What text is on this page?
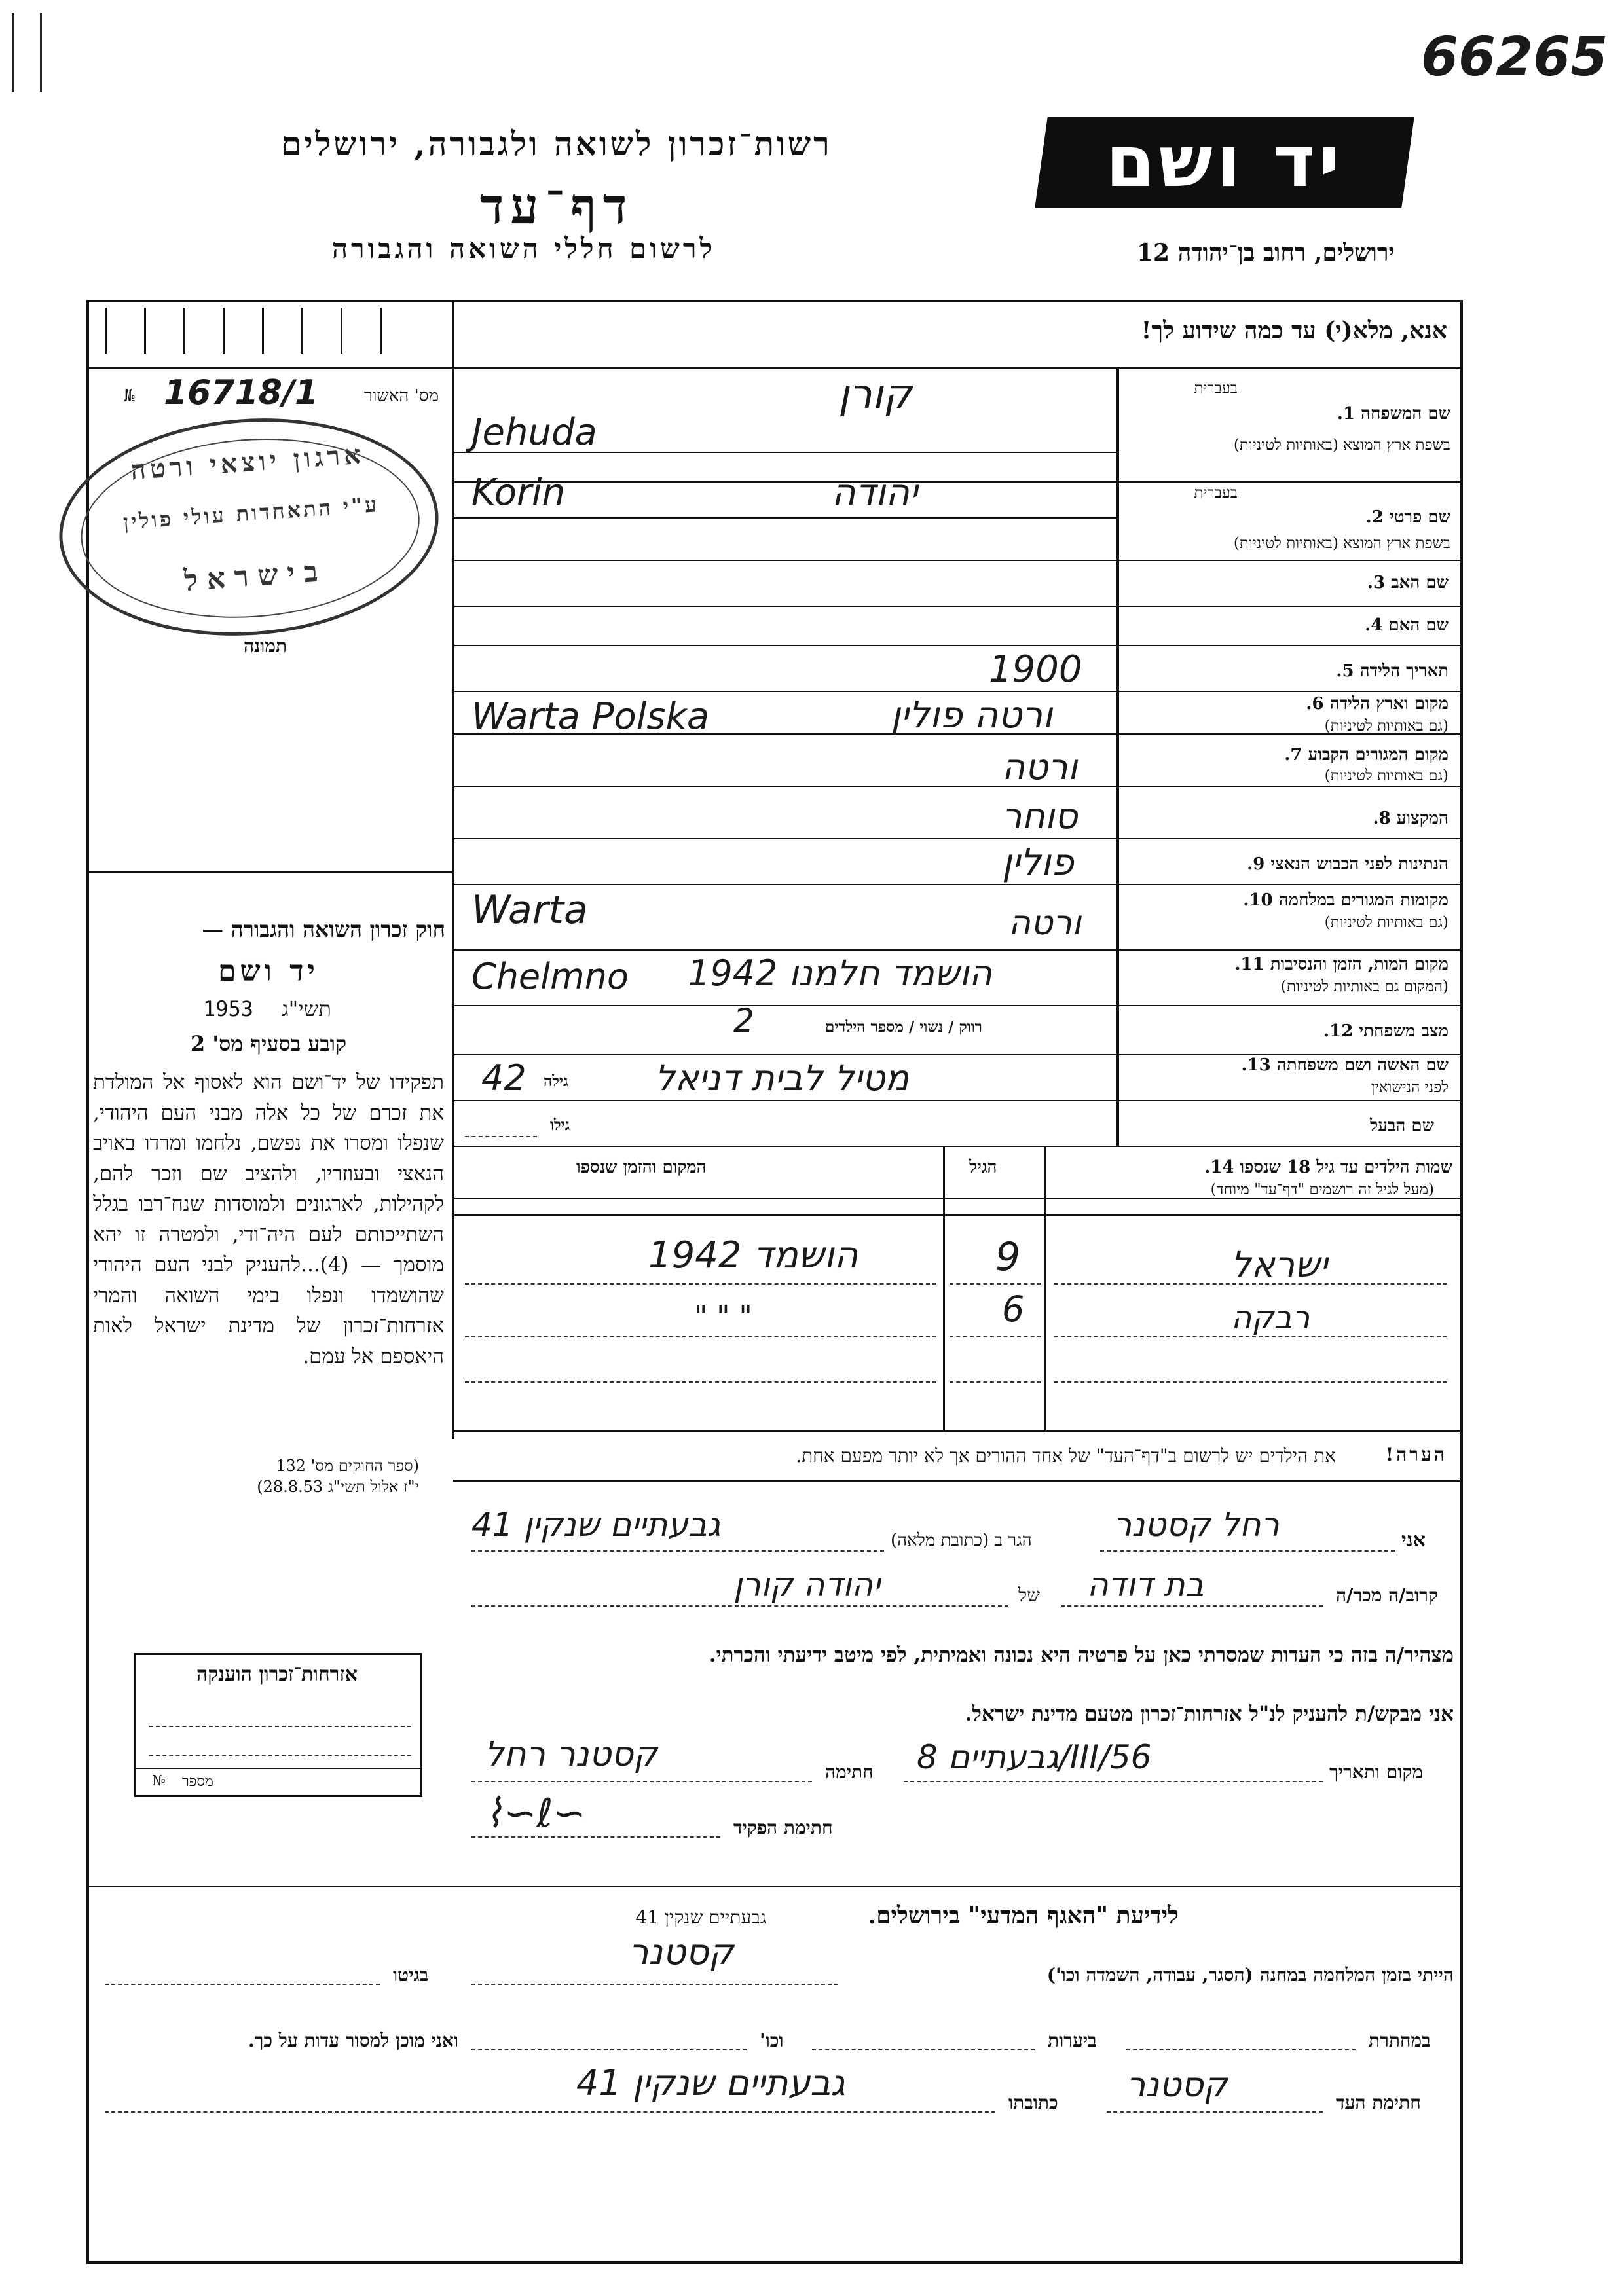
66265
רשות־זכרון לשואה ולגבורה, ירושלים
דף־עד
לרשום חללי השואה והגבורה
יד ושם
ירושלים, רחוב בן־יהודה 12
אנא, מלא(י) עד כמה שידוע לך!
№ 16718/1	מס' האשור
ארגון יוצאי ורטה
ע"י התאחדות עולי פולין
בישראל
תמונה
חוק זכרון השואה והגבורה —
יד ושם
תשי"ג
1953
קובע בסעיף מס' 2
תפקידו של יד־ושם הוא לאסוף אל המולדת את זכרם של כל אלה מבני העם היהודי, שנפלו ומסרו את נפשם, נלחמו ומרדו באויב הנאצי ובעוזריו, ולהציב שם וזכר להם, לקהילות, לארגונים ולמוסדות שנח־רבו בגלל השתייכותם לעם היה־ודי, ולמטרה זו יהא מוסמך — (4)...להעניק לבני העם היהודי שהושמדו ונפלו בימי השואה והמרי אזרחות־זכרון של מדינת ישראל לאות היאספם אל עמם.
(ספר החוקים מס' 132
י"ז אלול תשי"ג 28.8.53)
אזרחות־זכרון הוענקה
№ מספר
בעברית
שם המשפחה 1.
בשפת ארץ המוצא (באותיות לטיניות)
קורן
Jehuda
בעברית
שם פרטי 2.
בשפת ארץ המוצא (באותיות לטיניות)
יהודה
Korin
שם האב 3.
שם האם 4.
תאריך הלידה 5.
1900
מקום וארץ הלידה 6.
(גם באותיות לטיניות)
ורטה פולין
Warta Polska
מקום המגורים הקבוע 7.
(גם באותיות לטיניות)
ורטה
המקצוע 8.
סוחר
הנתינות לפני הכבוש הנאצי 9.
פולין
מקומות המגורים במלחמה 10.
(גם באותיות לטיניות)
ורטה
Warta
מקום המות, הזמן והנסיבות 11.
(המקום גם באותיות לטיניות)
הושמד חלמנו 1942
Chelmno
מצב משפחתי 12.
רווק / נשוי / מספר הילדים
2
שם האשה ושם משפחתה 13.
לפני הנישואין
מטיל לבית דניאל
גילה
42
שם הבעל
גילו
שמות הילדים עד גיל 18 שנספו 14.
(מעל לגיל זה רושמים "דף־עד" מיוחד)
הגיל
המקום והזמן שנספו
ישראל
9
הושמד 1942
רבקה
6
" " "
הערה!
את הילדים יש לרשום ב"דף־העד" של אחד ההורים אך לא יותר מפעם אחת.
אני
רחל קסטנר
הגר ב (כתובת מלאה)
גבעתיים שנקין 41
קרוב/ה מכר/ה
בת דודה
של
יהודה קורן
מצהיר/ה בזה כי העדות שמסרתי כאן על פרטיה היא נכונה ואמיתית, לפי מיטב ידיעתי והכרתי.
אני מבקש/ת להעניק לנ"ל אזרחות־זכרון מטעם מדינת ישראל.
מקום ותאריך
גבעתיים 8/III/56
חתימה
קסטנר רחל
חתימת הפקיד
⌇∽ℓ∽
לידיעת "האגף המדעי" בירושלים.
גבעתיים שנקין 41
הייתי בזמן המלחמה במחנה (הסגר, עבודה, השמדה וכו')
קסטנר
בגיטו
במחתרת
ביערות
וכו'
ואני מוכן למסור עדות על כך.
חתימת העד
קסטנר
כתובתו
גבעתיים שנקין 41
